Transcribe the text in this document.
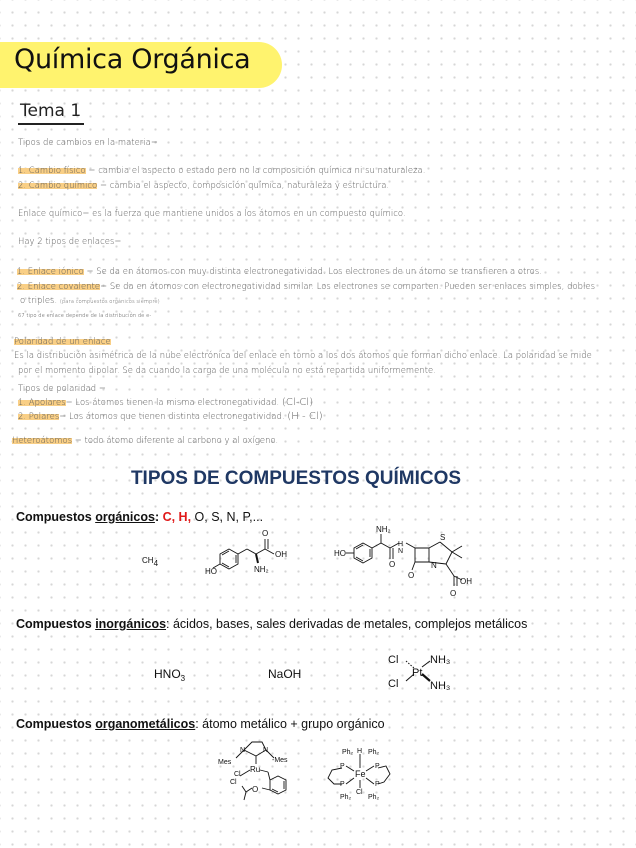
Química Orgánica
Tema 1
Tipos de cambios en la materia=
1. Cambio físico = cambia el aspecto o estado pero no la composición química ni su naturaleza.
2. Cambio químico = cambia el aspecto, composición química, naturaleza y estructura.
Enlace químico= es la fuerza que mantiene unidos a los átomos en un compuesto químico.
Hay 2 tipos de enlaces=
1. Enlace iónico = Se da en átomos con muy distinta electronegatividad. Los electrones de un átomo se transfieren a otros.
2. Enlace covalente= Se da en átomos con electronegatividad similar. Los electrones se comparten. Pueden ser enlaces simples, dobles
o triples. (para compuestos orgánicos siempre)
67 tipo de enlace depende de la distribución de e-
Polaridad de un enlace
Es la distribución asimétrica de la nube electrónica del enlace en torno a los dos átomos que forman dicho enlace. La polaridad se mide
por el momento dipolar. Se da cuando la carga de una molécula no está repartida uniformemente.
Tipos de polaridad =
1. Apolares= Los átomos tienen la misma electronegatividad. (Cl-Cl)
2. Polares= Los átomos que tienen distinta electronegatividad. (H - Cl)
Heteroátomos = todo átomo diferente al carbono y al oxígeno.
TIPOS DE COMPUESTOS QUÍMICOS
Compuestos orgánicos: C, H, O, S, N, P,...
$CH_4$
O
OH
HO	NH₂
NH₂
HO
O
H
N
S
N
O
OH
O
Compuestos inorgánicos: ácidos, bases, sales derivadas de metales, complejos metálicos
$HNO_3$	NaOH
Cl
Cl
Pt
NH₃
NH₃
Compuestos organometálicos: átomo metálico + grupo orgánico
Mes
N	N
-Mes
Cl
Ru
Cl
O
Ph₂ H Ph₂
P	P
Fe
P	P
Cl
Ph₂ Ph₂
